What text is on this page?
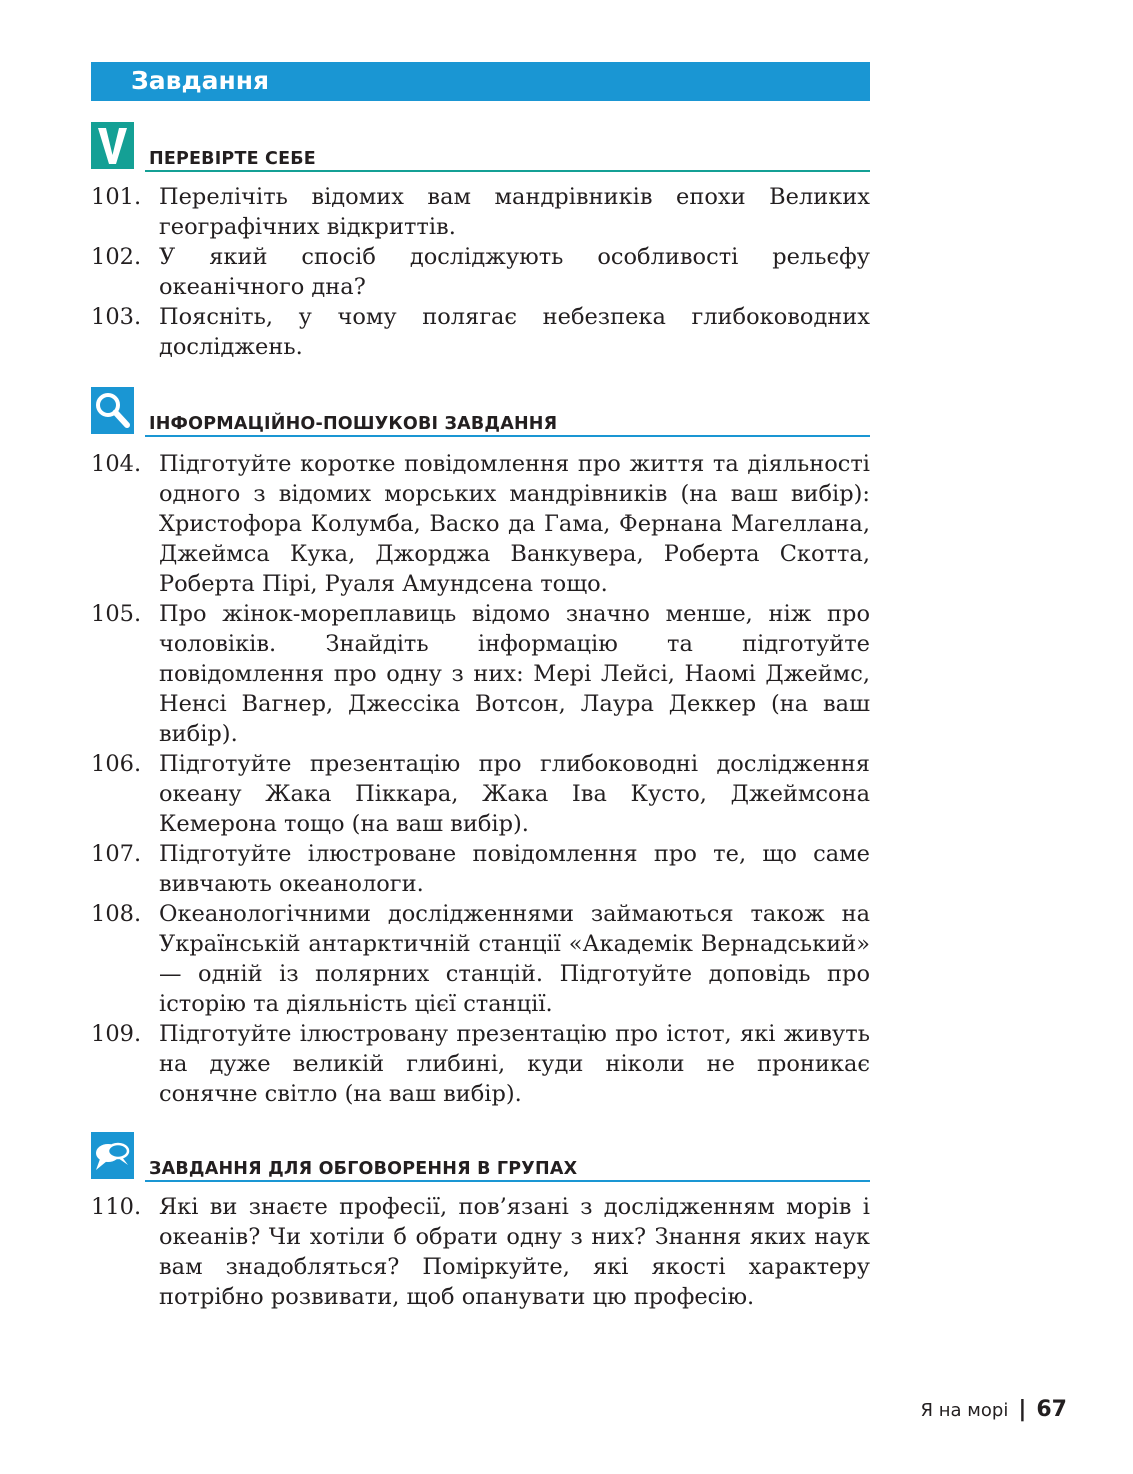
Завдання
ПЕРЕВІРТЕ СЕБЕ
101. Перелічіть відомих вам мандрівників епохи Великих географічних відкриттів.
102. У який спосіб досліджують особливості рельєфу океанічного дна?
103. Поясніть, у чому полягає небезпека глибоководних досліджень.
ІНФОРМАЦІЙНО-ПОШУКОВІ ЗАВДАННЯ
104. Підготуйте коротке повідомлення про життя та діяльності одного з відомих морських мандрівників (на ваш вибір): Христофора Колумба, Васко да Гама, Фернана Магеллана, Джеймса Кука, Джорджа Ванкувера, Роберта Скотта, Роберта Пірі, Руаля Амундсена тощо.
105. Про жінок-мореплавиць відомо значно менше, ніж про чоловіків. Знайдіть інформацію та підготуйте повідомлення про одну з них: Мері Лейсі, Наомі Джеймс, Ненсі Вагнер, Джессіка Вотсон, Лаура Деккер (на ваш вибір).
106. Підготуйте презентацію про глибоководні дослідження океану Жака Піккара, Жака Іва Кусто, Джеймсона Кемерона тощо (на ваш вибір).
107. Підготуйте ілюстроване повідомлення про те, що саме вивчають океанологи.
108. Океанологічними дослідженнями займаються також на Українській антарктичній станції «Академік Вернадський» — одній із полярних станцій. Підготуйте доповідь про історію та діяльність цієї станції.
109. Підготуйте ілюстровану презентацію про істот, які живуть на дуже великій глибині, куди ніколи не проникає сонячне світло (на ваш вибір).
ЗАВДАННЯ ДЛЯ ОБГОВОРЕННЯ В ГРУПАХ
110. Які ви знаєте професії, пов’язані з дослідженням морів і океанів? Чи хотіли б обрати одну з них? Знання яких наук вам знадобляться? Поміркуйте, які якості характеру потрібно розвивати, щоб опанувати цю професію.
Я на морі | 67
